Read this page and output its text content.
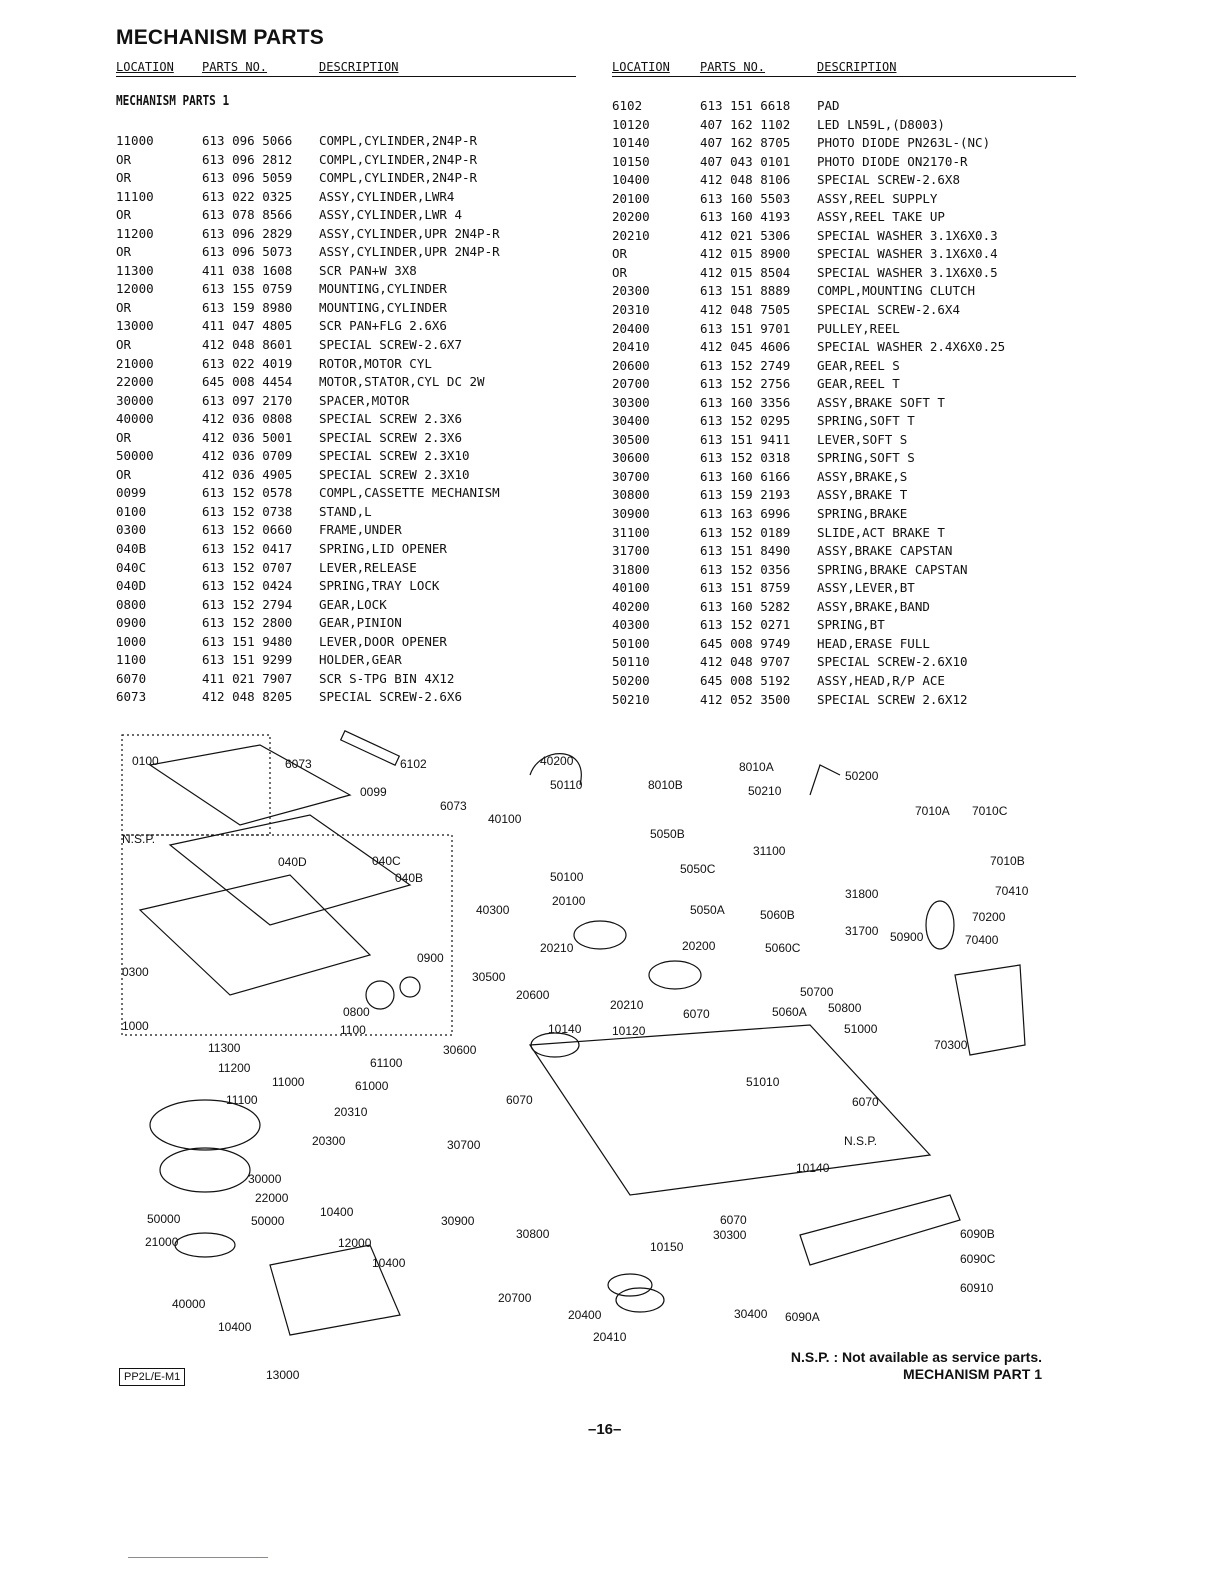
MECHANISM PARTS
LOCATION PARTS NO.	DESCRIPTION	LOCATION	PARTS NO.	DESCRIPTION
MECHANISM PARTS 1
11000	613 096 5066 COMPL,CYLINDER,2N4P-R
OR	613 096 2812 COMPL,CYLINDER,2N4P-R
OR	613 096 5059 COMPL,CYLINDER,2N4P-R
11100	613 022 0325 ASSY,CYLINDER,LWR4
OR	613 078 8566 ASSY,CYLINDER,LWR 4
11200	613 096 2829 ASSY,CYLINDER,UPR 2N4P-R
OR	613 096 5073 ASSY,CYLINDER,UPR 2N4P-R
11300	411 038 1608 SCR PAN+W 3X8
12000	613 155 0759 MOUNTING,CYLINDER
OR	613 159 8980 MOUNTING,CYLINDER
13000	411 047 4805 SCR PAN+FLG 2.6X6
OR	412 048 8601 SPECIAL SCREW-2.6X7
21000	613 022 4019 ROTOR,MOTOR CYL
22000	645 008 4454 MOTOR,STATOR,CYL DC 2W
30000	613 097 2170 SPACER,MOTOR
40000	412 036 0808 SPECIAL SCREW 2.3X6
OR	412 036 5001 SPECIAL SCREW 2.3X6
50000	412 036 0709 SPECIAL SCREW 2.3X10
OR	412 036 4905 SPECIAL SCREW 2.3X10
0099	613 152 0578 COMPL,CASSETTE MECHANISM
0100	613 152 0738 STAND,L
0300	613 152 0660 FRAME,UNDER
040B	613 152 0417 SPRING,LID OPENER
040C	613 152 0707 LEVER,RELEASE
040D	613 152 0424 SPRING,TRAY LOCK
0800	613 152 2794 GEAR,LOCK
0900	613 152 2800 GEAR,PINION
1000	613 151 9480 LEVER,DOOR OPENER
1100	613 151 9299 HOLDER,GEAR
6070	411 021 7907 SCR S-TPG BIN 4X12
6073	412 048 8205 SPECIAL SCREW-2.6X6
6102	613 151 6618 PAD
10120	407 162 1102 LED LN59L,(D8003)
10140	407 162 8705 PHOTO DIODE PN263L-(NC)
10150	407 043 0101 PHOTO DIODE ON2170-R
10400	412 048 8106 SPECIAL SCREW-2.6X8
20100	613 160 5503 ASSY,REEL SUPPLY
20200	613 160 4193 ASSY,REEL TAKE UP
20210	412 021 5306 SPECIAL WASHER 3.1X6X0.3
OR	412 015 8900 SPECIAL WASHER 3.1X6X0.4
OR	412 015 8504 SPECIAL WASHER 3.1X6X0.5
20300	613 151 8889 COMPL,MOUNTING CLUTCH
20310	412 048 7505 SPECIAL SCREW-2.6X4
20400	613 151 9701 PULLEY,REEL
20410	412 045 4606 SPECIAL WASHER 2.4X6X0.25
20600	613 152 2749 GEAR,REEL S
20700	613 152 2756 GEAR,REEL T
30300	613 160 3356 ASSY,BRAKE SOFT T
30400	613 152 0295 SPRING,SOFT T
30500	613 151 9411 LEVER,SOFT S
30600	613 152 0318 SPRING,SOFT S
30700	613 160 6166 ASSY,BRAKE,S
30800	613 159 2193 ASSY,BRAKE T
30900	613 163 6996 SPRING,BRAKE
31100	613 152 0189 SLIDE,ACT BRAKE T
31700	613 151 8490 ASSY,BRAKE CAPSTAN
31800	613 152 0356 SPRING,BRAKE CAPSTAN
40100	613 151 8759 ASSY,LEVER,BT
40200	613 160 5282 ASSY,BRAKE,BAND
40300	613 152 0271 SPRING,BT
50100	645 008 9749 HEAD,ERASE FULL
50110	412 048 9707 SPECIAL SCREW-2.6X10
50200	645 008 5192 ASSY,HEAD,R/P ACE
50210	412 052 3500 SPECIAL SCREW 2.6X12
0100	6073	6102
0099
6073
N.S.P.
040C
040D
040B
0900
0300
0800
1000	1100
40200
50110	8010B
8010A
50210
50200
7010A 7010C
40100
5050B
31100
7010B
50100
5050C
70410
40300
20100
5050A
31800
5060B	70200
31700 50900	70400
20210	20200	5060C
30500
20600
20210
50700
10140
6070	5060A 50800
10120	51000
30600	70300
11300
11200
11000
61100
51010
61000
6070
11100
20310
6070
N.S.P.
20300	30700
10140
30000
22000
50000	50000
10400
30900	6070
21000	12000
30800	30300	6090B
10400
10150
6090C
40000	20700
60910
10400
20400	30400 6090A
20410
13000
N.S.P. : Not available as service parts.
MECHANISM PART 1
PP2L/E-M1
–16–
